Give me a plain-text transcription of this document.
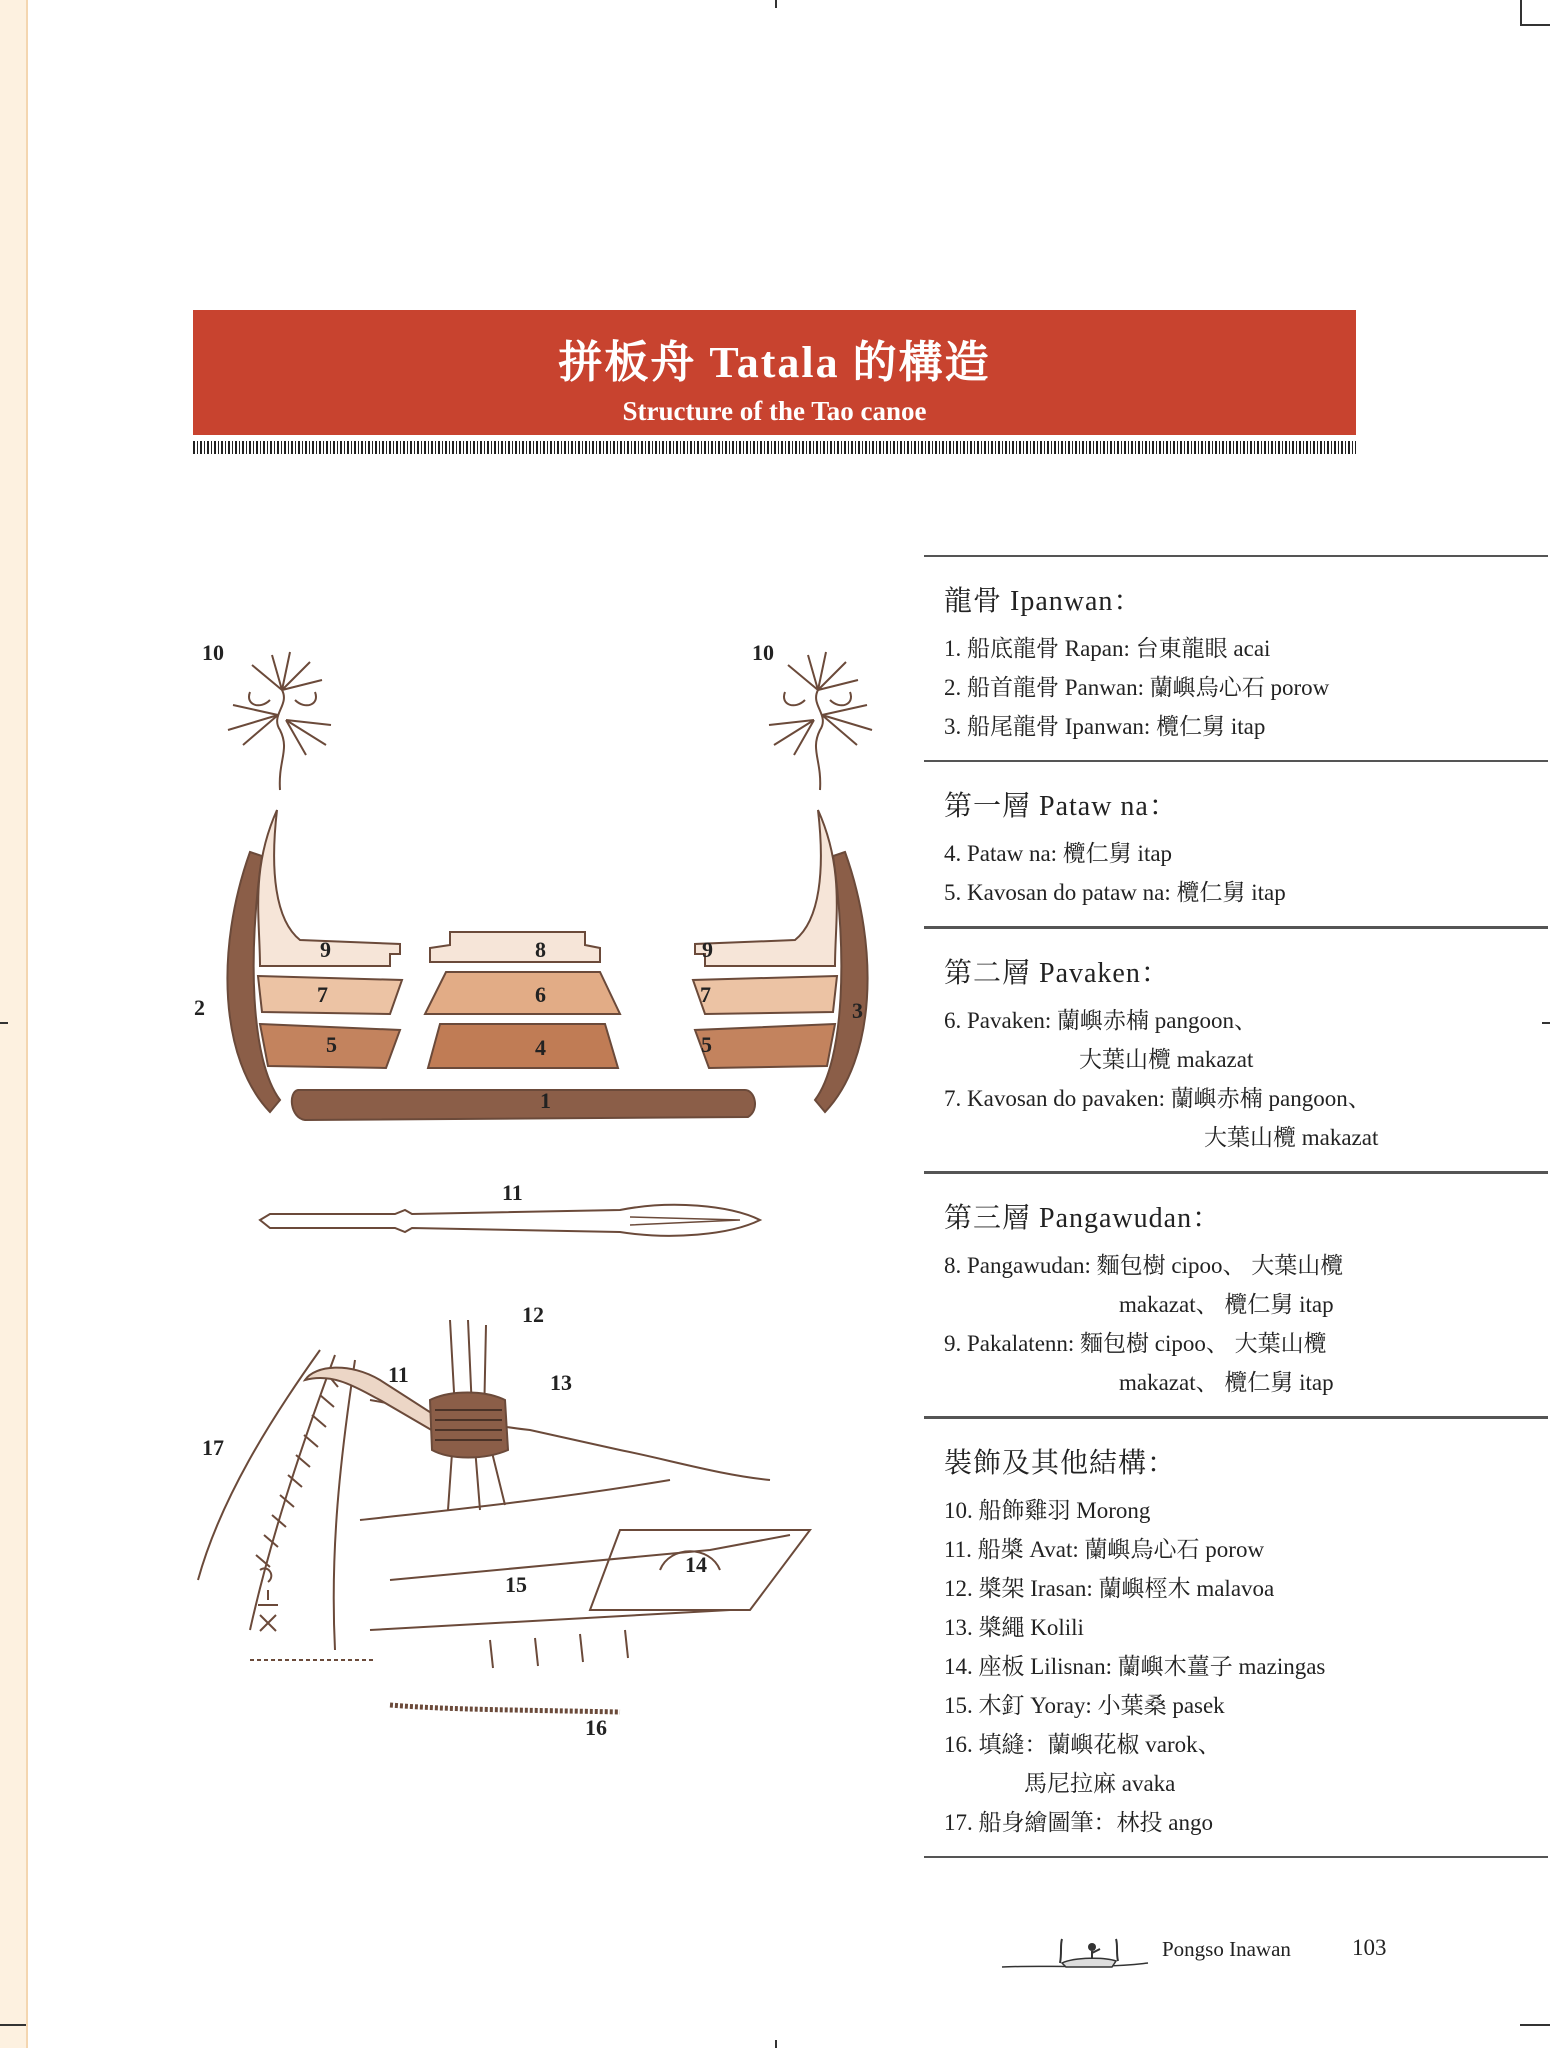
拼板舟 Tatala 的構造
Structure of the Tao canoe
1
2	3
4
5	5
6
7	7
8
9	9
10	10
11
11
12
13
14
15
16
17
龍骨 Ipanwan：
1. 船底龍骨 Rapan: 台東龍眼 acai
2. 船首龍骨 Panwan: 蘭嶼烏心石 porow
3. 船尾龍骨 Ipanwan: 欖仁舅 itap
第一層 Pataw na：
4. Pataw na: 欖仁舅 itap
5. Kavosan do pataw na: 欖仁舅 itap
第二層 Pavaken：
6. Pavaken: 蘭嶼赤楠 pangoon、
大葉山欖 makazat
7. Kavosan do pavaken: 蘭嶼赤楠 pangoon、
大葉山欖 makazat
第三層 Pangawudan：
8. Pangawudan: 麵包樹 cipoo、 大葉山欖
makazat、 欖仁舅 itap
9. Pakalatenn: 麵包樹 cipoo、 大葉山欖
makazat、 欖仁舅 itap
裝飾及其他結構：
10. 船飾雞羽 Morong
11. 船槳 Avat: 蘭嶼烏心石 porow
12. 槳架 Irasan: 蘭嶼桱木 malavoa
13. 槳繩 Kolili
14. 座板 Lilisnan: 蘭嶼木薑子 mazingas
15. 木釘 Yoray: 小葉桑 pasek
16. 填縫：蘭嶼花椒 varok、
馬尼拉麻 avaka
17. 船身繪圖筆：林投 ango
Pongso Inawan	103
